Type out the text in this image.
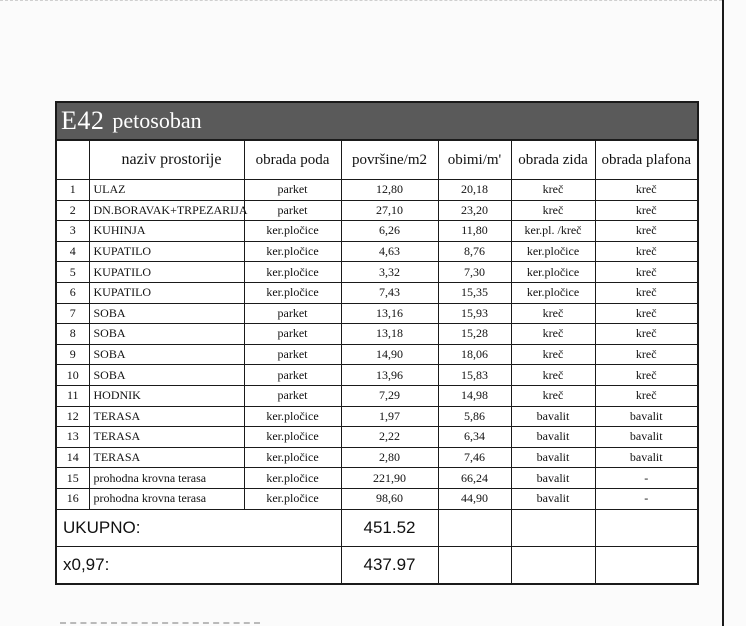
E42 petosoban
	naziv prostorije	obrada poda	površine/m2	obimi/m'	obrada zida	obrada plafona
1	ULAZ	parket	12,80	20,18	kreč	kreč
2	DN.BORAVAK+TRPEZARIJA	parket	27,10	23,20	kreč	kreč
3	KUHINJA	ker.pločice	6,26	11,80	ker.pl. /kreč	kreč
4	KUPATILO	ker.pločice	4,63	8,76	ker.pločice	kreč
5	KUPATILO	ker.pločice	3,32	7,30	ker.pločice	kreč
6	KUPATILO	ker.pločice	7,43	15,35	ker.pločice	kreč
7	SOBA	parket	13,16	15,93	kreč	kreč
8	SOBA	parket	13,18	15,28	kreč	kreč
9	SOBA	parket	14,90	18,06	kreč	kreč
10	SOBA	parket	13,96	15,83	kreč	kreč
11	HODNIK	parket	7,29	14,98	kreč	kreč
12	TERASA	ker.pločice	1,97	5,86	bavalit	bavalit
13	TERASA	ker.pločice	2,22	6,34	bavalit	bavalit
14	TERASA	ker.pločice	2,80	7,46	bavalit	bavalit
15	prohodna krovna terasa	ker.pločice	221,90	66,24	bavalit	-
16	prohodna krovna terasa	ker.pločice	98,60	44,90	bavalit	-
UKUPNO:			451.52			
x0,97:			437.97			
